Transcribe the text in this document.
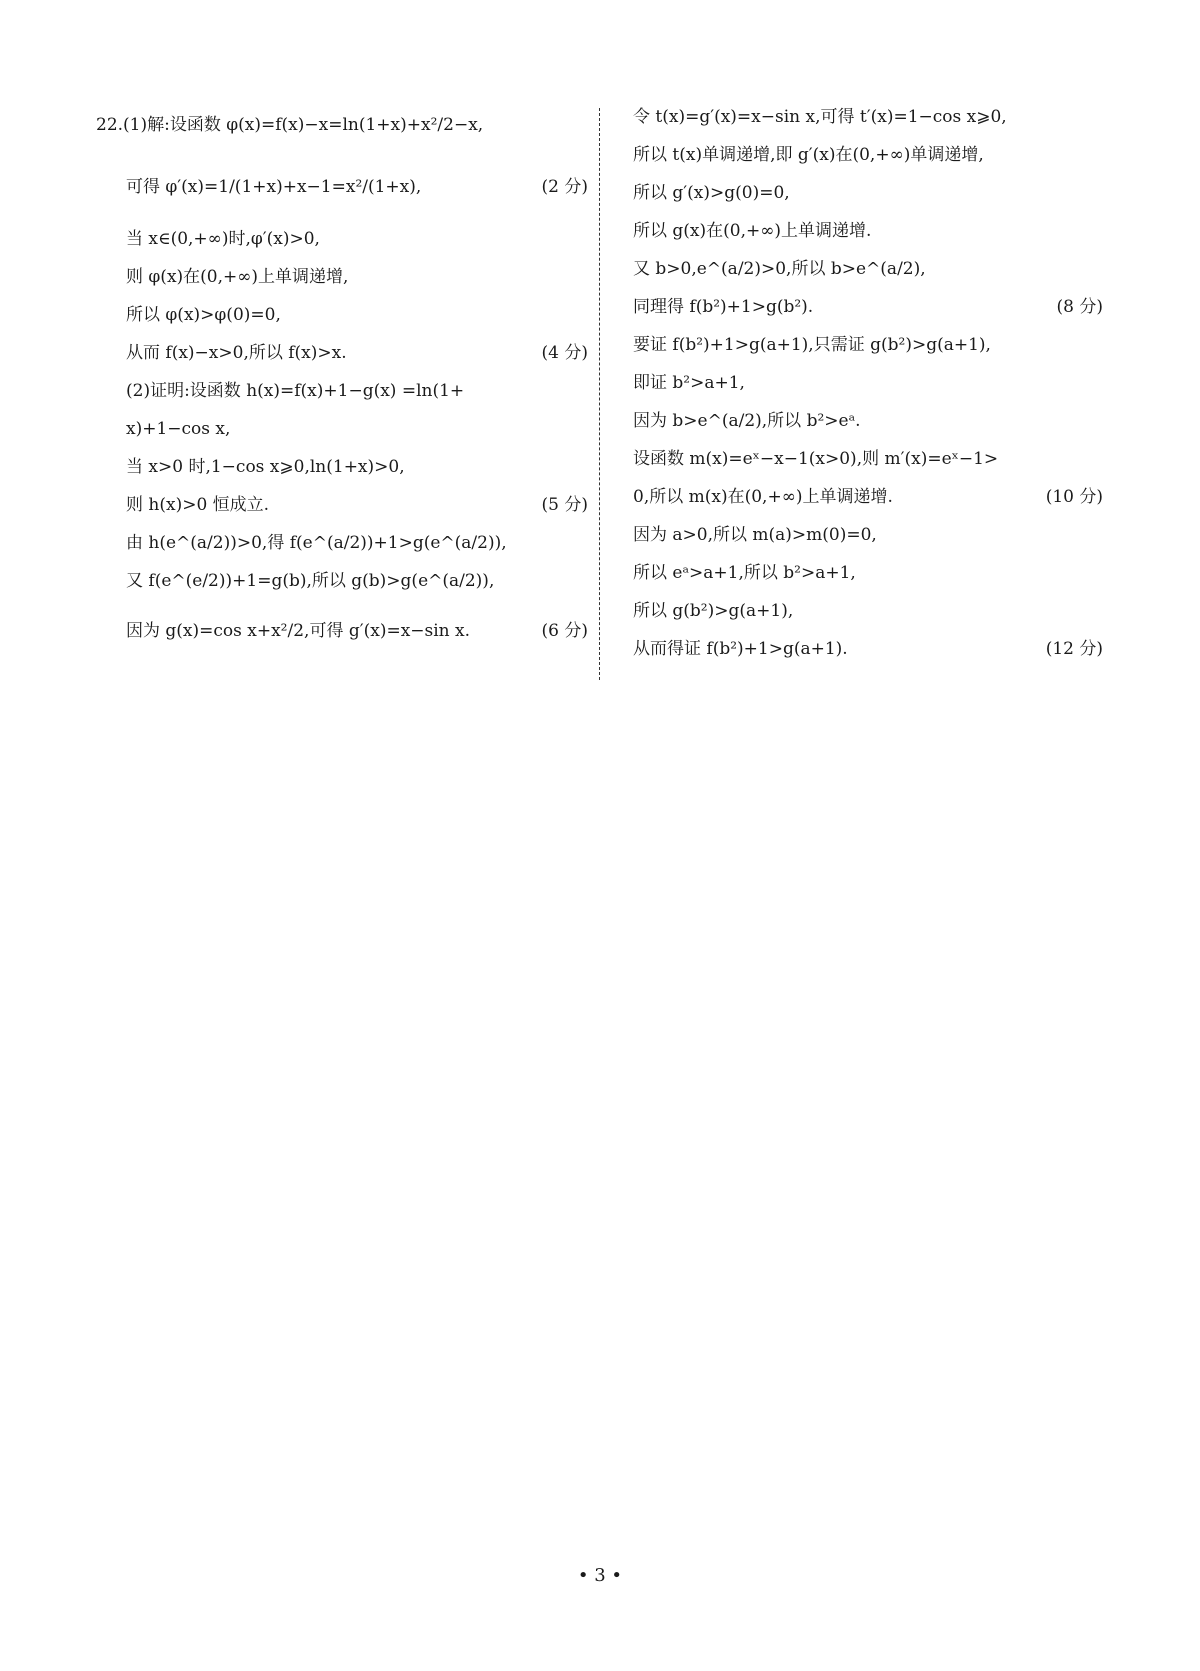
22.(1)解:设函数 φ(x)=f(x)−x=ln(1+x)+x²/2−x,
可得 φ′(x)=1/(1+x)+x−1=x²/(1+x),	(2 分)
当 x∈(0,+∞)时,φ′(x)>0,
则 φ(x)在(0,+∞)上单调递增,
所以 φ(x)>φ(0)=0,
从而 f(x)−x>0,所以 f(x)>x.	(4 分)
(2)证明:设函数 h(x)=f(x)+1−g(x) =ln(1+
x)+1−cos x,
当 x>0 时,1−cos x⩾0,ln(1+x)>0,
则 h(x)>0 恒成立.	(5 分)
由 h(e^(a/2))>0,得 f(e^(a/2))+1>g(e^(a/2)),
又 f(e^(e/2))+1=g(b),所以 g(b)>g(e^(a/2)),
因为 g(x)=cos x+x²/2,可得 g′(x)=x−sin x.	(6 分)
令 t(x)=g′(x)=x−sin x,可得 t′(x)=1−cos x⩾0,
所以 t(x)单调递增,即 g′(x)在(0,+∞)单调递增,
所以 g′(x)>g(0)=0,
所以 g(x)在(0,+∞)上单调递增.
又 b>0,e^(a/2)>0,所以 b>e^(a/2),
同理得 f(b²)+1>g(b²).	(8 分)
要证 f(b²)+1>g(a+1),只需证 g(b²)>g(a+1),
即证 b²>a+1,
因为 b>e^(a/2),所以 b²>eᵃ.
设函数 m(x)=eˣ−x−1(x>0),则 m′(x)=eˣ−1>
0,所以 m(x)在(0,+∞)上单调递增.	(10 分)
因为 a>0,所以 m(a)>m(0)=0,
所以 eᵃ>a+1,所以 b²>a+1,
所以 g(b²)>g(a+1),
从而得证 f(b²)+1>g(a+1).	(12 分)
• 3 •
